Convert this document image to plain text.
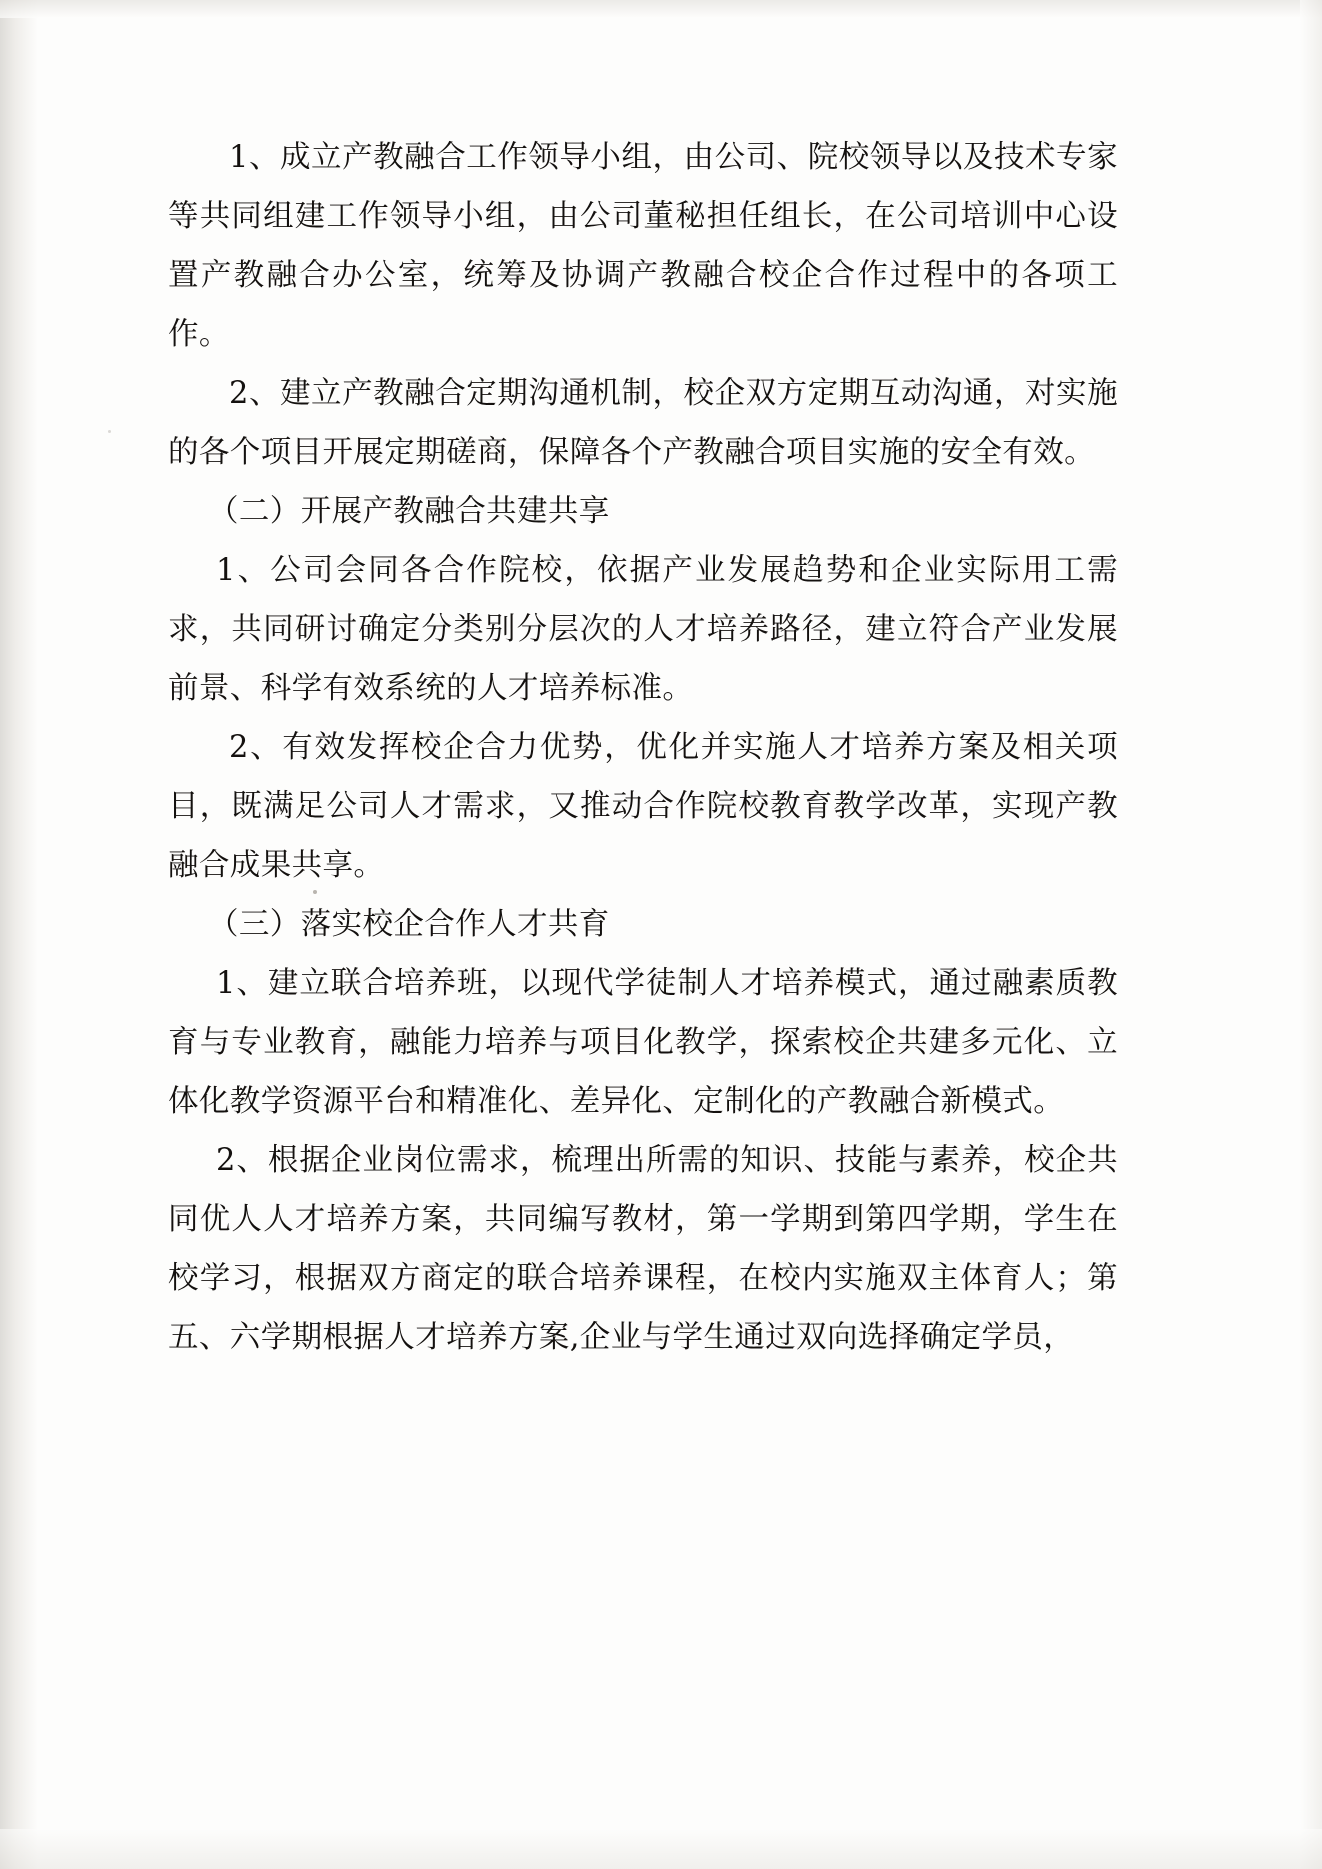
1、成立产教融合工作领导小组，由公司、院校领导以及技术专家等共同组建工作领导小组，由公司董秘担任组长，在公司培训中心设置产教融合办公室，统筹及协调产教融合校企合作过程中的各项工作。

2、建立产教融合定期沟通机制，校企双方定期互动沟通，对实施的各个项目开展定期磋商，保障各个产教融合项目实施的安全有效。

（二）开展产教融合共建共享

1、公司会同各合作院校，依据产业发展趋势和企业实际用工需求，共同研讨确定分类别分层次的人才培养路径，建立符合产业发展前景、科学有效系统的人才培养标准。

2、有效发挥校企合力优势，优化并实施人才培养方案及相关项目，既满足公司人才需求，又推动合作院校教育教学改革，实现产教融合成果共享。

（三）落实校企合作人才共育

1、建立联合培养班，以现代学徒制人才培养模式，通过融素质教育与专业教育，融能力培养与项目化教学，探索校企共建多元化、立体化教学资源平台和精准化、差异化、定制化的产教融合新模式。

2、根据企业岗位需求，梳理出所需的知识、技能与素养，校企共同优人人才培养方案，共同编写教材，第一学期到第四学期，学生在校学习，根据双方商定的联合培养课程，在校内实施双主体育人；第五、六学期根据人才培养方案,企业与学生通过双向选择确定学员，
